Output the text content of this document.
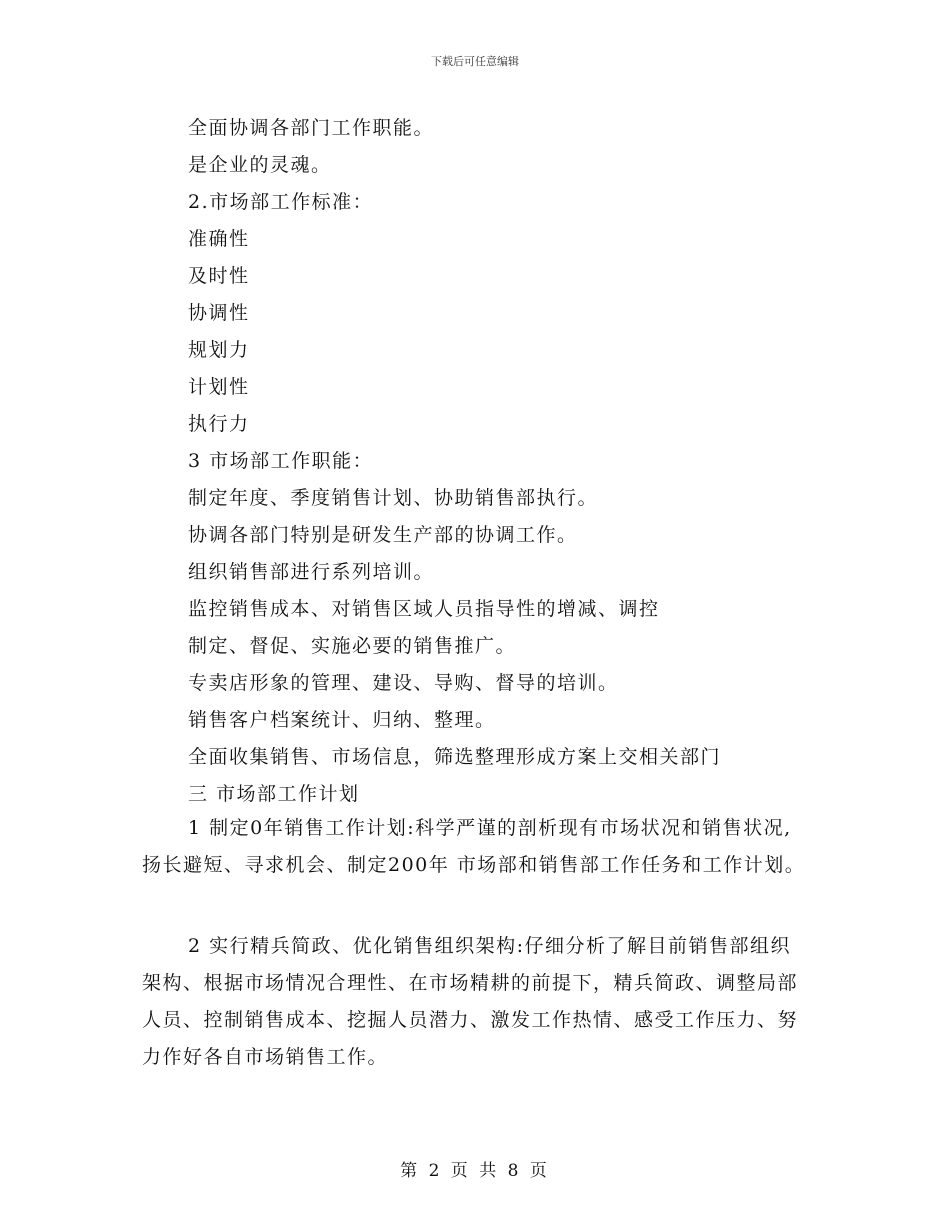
下载后可任意编辑
全面协调各部门工作职能。
是企业的灵魂。
2.市场部工作标准：
准确性
及时性
协调性
规划力
计划性
执行力
3 市场部工作职能：
制定年度、季度销售计划、协助销售部执行。
协调各部门特别是研发生产部的协调工作。
组织销售部进行系列培训。
监控销售成本、对销售区域人员指导性的增减、调控
制定、督促、实施必要的销售推广。
专卖店形象的管理、建设、导购、督导的培训。
销售客户档案统计、归纳、整理。
全面收集销售、市场信息，筛选整理形成方案上交相关部门
三 市场部工作计划
1 制定0年销售工作计划:科学严谨的剖析现有市场状况和销售状况,扬长避短、寻求机会、制定200年 市场部和销售部工作任务和工作计划。
2 实行精兵简政、优化销售组织架构:仔细分析了解目前销售部组织架构、根据市场情况合理性、在市场精耕的前提下，精兵简政、调整局部人员、控制销售成本、挖掘人员潜力、激发工作热情、感受工作压力、努力作好各自市场销售工作。
第 2 页 共 8 页
